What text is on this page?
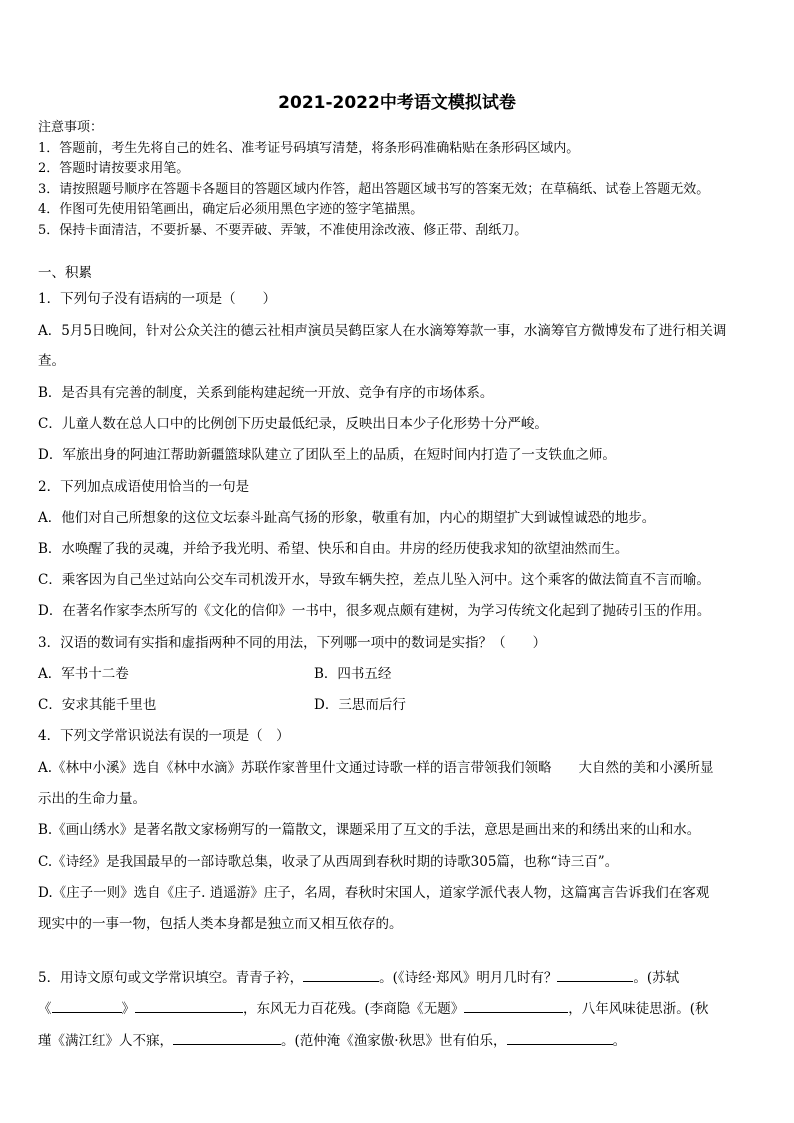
2021-2022中考语文模拟试卷
注意事项：
1．答题前，考生先将自己的姓名、准考证号码填写清楚，将条形码准确粘贴在条形码区域内。
2．答题时请按要求用笔。
3．请按照题号顺序在答题卡各题目的答题区域内作答，超出答题区域书写的答案无效；在草稿纸、试卷上答题无效。
4．作图可先使用铅笔画出，确定后必须用黑色字迹的签字笔描黑。
5．保持卡面清洁，不要折暴、不要弄破、弄皱，不准使用涂改液、修正带、刮纸刀。
一、积累
1．下列句子没有语病的一项是（　　）
A．5月5日晚间，针对公众关注的德云社相声演员吴鹤臣家人在水滴筹筹款一事，水滴筹官方微博发布了进行相关调
查。
B．是否具有完善的制度，关系到能构建起统一开放、竞争有序的市场体系。
C．儿童人数在总人口中的比例创下历史最低纪录，反映出日本少子化形势十分严峻。
D．军旅出身的阿迪江帮助新疆篮球队建立了团队至上的品质，在短时间内打造了一支铁血之师。
2．下列加点成语使用恰当的一句是
A．他们对自己所想象的这位文坛泰斗趾高气扬的形象，敬重有加，内心的期望扩大到诚惶诚恐的地步。
B．水唤醒了我的灵魂，并给予我光明、希望、快乐和自由。井房的经历使我求知的欲望油然而生。
C．乘客因为自己坐过站向公交车司机泼开水，导致车辆失控，差点儿坠入河中。这个乘客的做法简直不言而喻。
D．在著名作家李杰所写的《文化的信仰》一书中，很多观点颇有建树，为学习传统文化起到了抛砖引玉的作用。
3．汉语的数词有实指和虚指两种不同的用法，下列哪一项中的数词是实指？（　　）
A．军书十二卷	B．四书五经
C．安求其能千里也	D．三思而后行
4．下列文学常识说法有误的一项是（　）
A.《林中小溪》选自《林中水滴》苏联作家普里什文通过诗歌一样的语言带领我们领略　　大自然的美和小溪所显
示出的生命力量。
B.《画山绣水》是著名散文家杨朔写的一篇散文，课题采用了互文的手法，意思是画出来的和绣出来的山和水。
C.《诗经》是我国最早的一部诗歌总集，收录了从西周到春秋时期的诗歌305篇，也称“诗三百”。
D.《庄子一则》选自《庄子. 逍遥游》庄子，名周，春秋时宋国人，道家学派代表人物，这篇寓言告诉我们在客观
现实中的一事一物，包括人类本身都是独立而又相互依存的。
5．用诗文原句或文学常识填空。青青子衿，	。(《诗经·郑风》明月几时有？	。(苏轼
《	》	，东风无力百花残。(李商隐《无题》	，八年风味徒思浙。(秋
瑾《满江红》人不寐，	。(范仲淹《渔家傲·秋思》世有伯乐，	。
